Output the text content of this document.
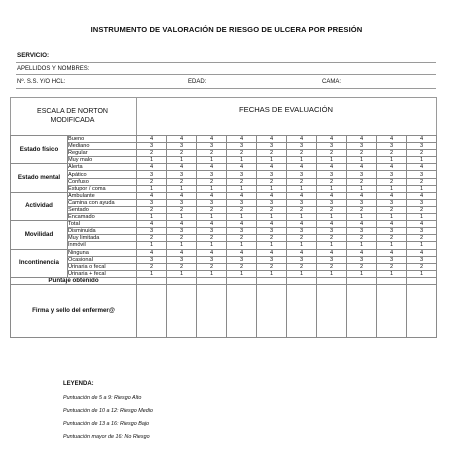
INSTRUMENTO DE VALORACIÓN DE RIESGO DE ULCERA POR PRESIÓN
SERVICIO:
APELLIDOS Y NOMBRES:
Nº. S.S. Y/O HCL:	EDAD:	CAMA:
ESCALA DE NORTON
MODIFICADA
FECHAS DE EVALUACIÓN
Estado físico	Bueno	4	4	4	4	4	4	4	4	4	4
	Mediano	3	3	3	3	3	3	3	3	3	3
	Regular	2	2	2	2	2	2	2	2	2	2
	Muy malo	1	1	1	1	1	1	1	1	1	1
Estado mental	Alerta	4	4	4	4	4	4	4	4	4	4
	Apático	3	3	3	3	3	3	3	3	3	3
	Confuso	2	2	2	2	2	2	2	2	2	2
	Estupor / coma	1	1	1	1	1	1	1	1	1	1
Actividad	Ambulante	4	4	4	4	4	4	4	4	4	4
	Camina con ayuda	3	3	3	3	3	3	3	3	3	3
	Sentado	2	2	2	2	2	2	2	2	2	2
	Encamado	1	1	1	1	1	1	1	1	1	1
Movilidad	Total	4	4	4	4	4	4	4	4	4	4
	Disminuida	3	3	3	3	3	3	3	3	3	3
	Muy limitada	2	2	2	2	2	2	2	2	2	2
	Inmóvil	1	1	1	1	1	1	1	1	1	1
Incontinencia	Ninguna	4	4	4	4	4	4	4	4	4	4
	Ocasional	3	3	3	3	3	3	3	3	3	3
	Urinaria o fecal	2	2	2	2	2	2	2	2	2	2
	Urinaria + fecal	1	1	1	1	1	1	1	1	1	1
Puntaje obtenido											
Firma y sello del enfermer@											
LEYENDA:
Puntuación de 5 a 9: Riesgo Alto
Puntuación de 10 a 12: Riesgo Medio
Puntuación de 13 a 16: Riesgo Bajo
Puntuación mayor de 16: No Riesgo
